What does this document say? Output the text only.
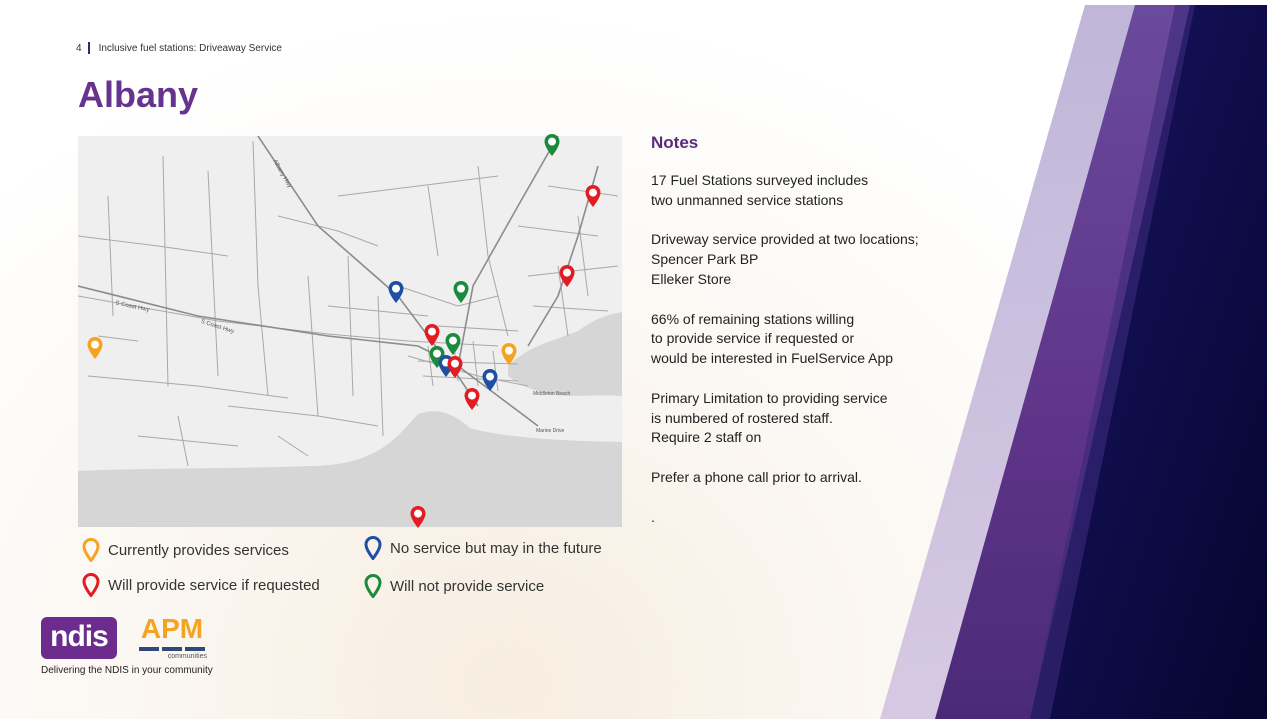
4 Inclusive fuel stations: Driveaway Service
Albany
S Coast Hwy
S Coast Hwy
Albany Hwy
Marine Drive
Middleton Beach
Currently provides services
Will provide service if requested
No service but may in the future
Will not provide service
Notes

17 Fuel Stations surveyed includes

two unmanned service stations

Driveway service provided at two locations;

Spencer Park BP

Elleker Store

66% of remaining stations willing

to provide service if requested or

would be interested in FuelService App

Primary Limitation to providing service

is numbered of rostered staff.

Require 2 staff on

Prefer a phone call prior to arrival.

.

ndis	APM
communities
Delivering the NDIS in your community
